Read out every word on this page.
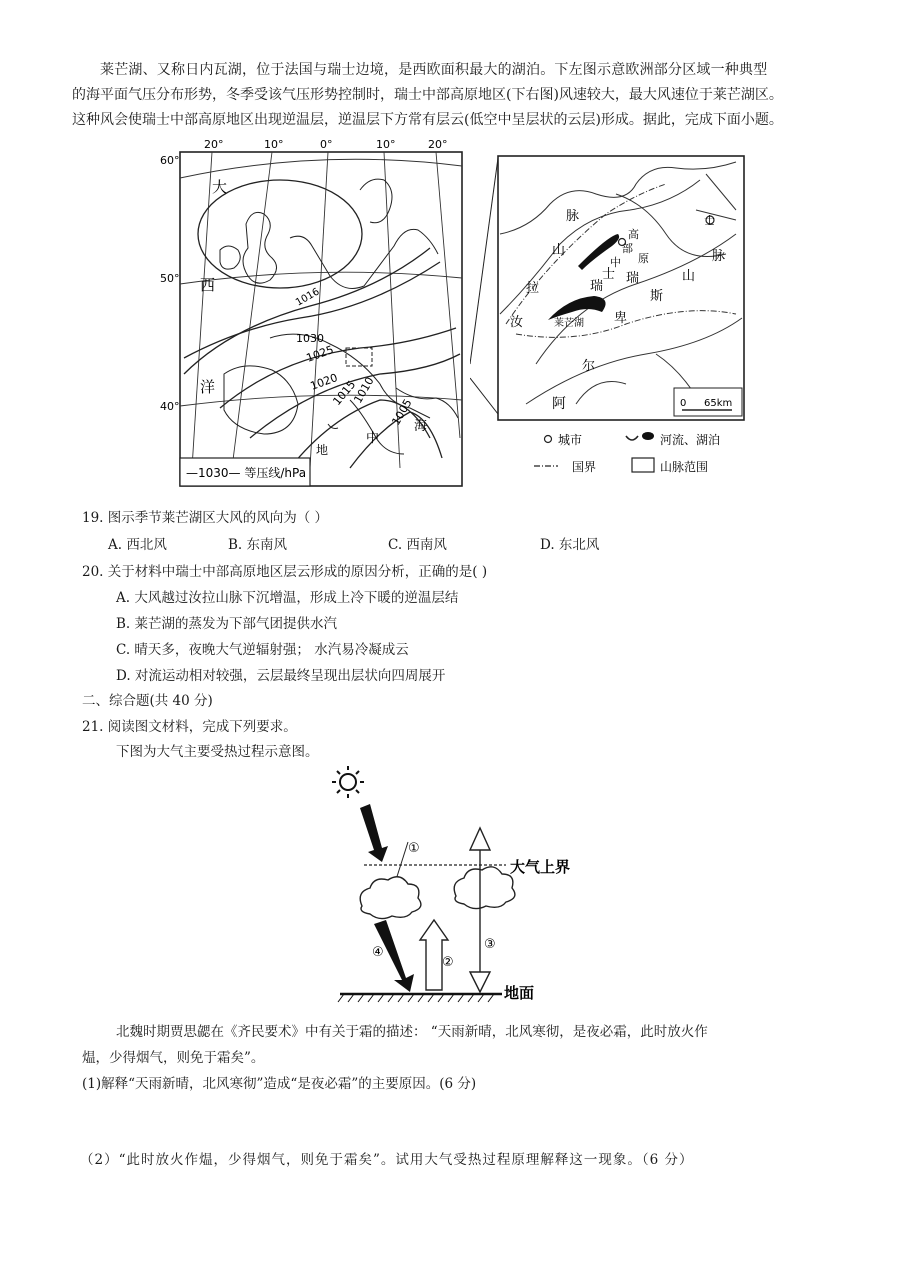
莱芒湖、又称日内瓦湖，位于法国与瑞士边境，是西欧面积最大的湖泊。下左图示意欧洲部分区域一种典型

的海平面气压分布形势，冬季受该气压形势控制时，瑞士中部高原地区(下右图)风速较大，最大风速位于莱芒湖区。
这种风会使瑞士中部高原地区出现逆温层，逆温层下方常有层云(低空中呈层状的云层)形成。据此，完成下面小题。
20°	10°	0°	10°	20°
60°
50°
40°
1016
1030
1025
1020
1015
1010
1005
大
西
洋
地
中
海
—1030— 等压线/hPa
脉
山
拉
汝
瑞
士
中
部
高
原
瑞
斯
山
脉
卑
尔
阿
莱芒湖
士
0 65km
城市	河流、湖泊
国界	山脉范围
19. 图示季节莱芒湖区大风的风向为（ ）
A. 西北风	B. 东南风	C. 西南风	D. 东北风
20. 关于材料中瑞士中部高原地区层云形成的原因分析，正确的是( )
A. 大风越过汝拉山脉下沉增温，形成上冷下暖的逆温层结
B. 莱芒湖的蒸发为下部气团提供水汽
C. 晴天多，夜晚大气逆辐射强； 水汽易冷凝成云
D. 对流运动相对较强，云层最终呈现出层状向四周展开
二、综合题(共 40 分)
21. 阅读图文材料，完成下列要求。
下图为大气主要受热过程示意图。
大气上界
①
④
②
③
地面
北魏时期贾思勰在《齐民要术》中有关于霜的描述： “天雨新晴，北风寒彻，是夜必霜，此时放火作
煴，少得烟气，则免于霜矣”。
(1)解释“天雨新晴，北风寒彻”造成“是夜必霜”的主要原因。(6 分)
（2）“此时放火作煴，少得烟气，则免于霜矣”。试用大气受热过程原理解释这一现象。（6 分）
